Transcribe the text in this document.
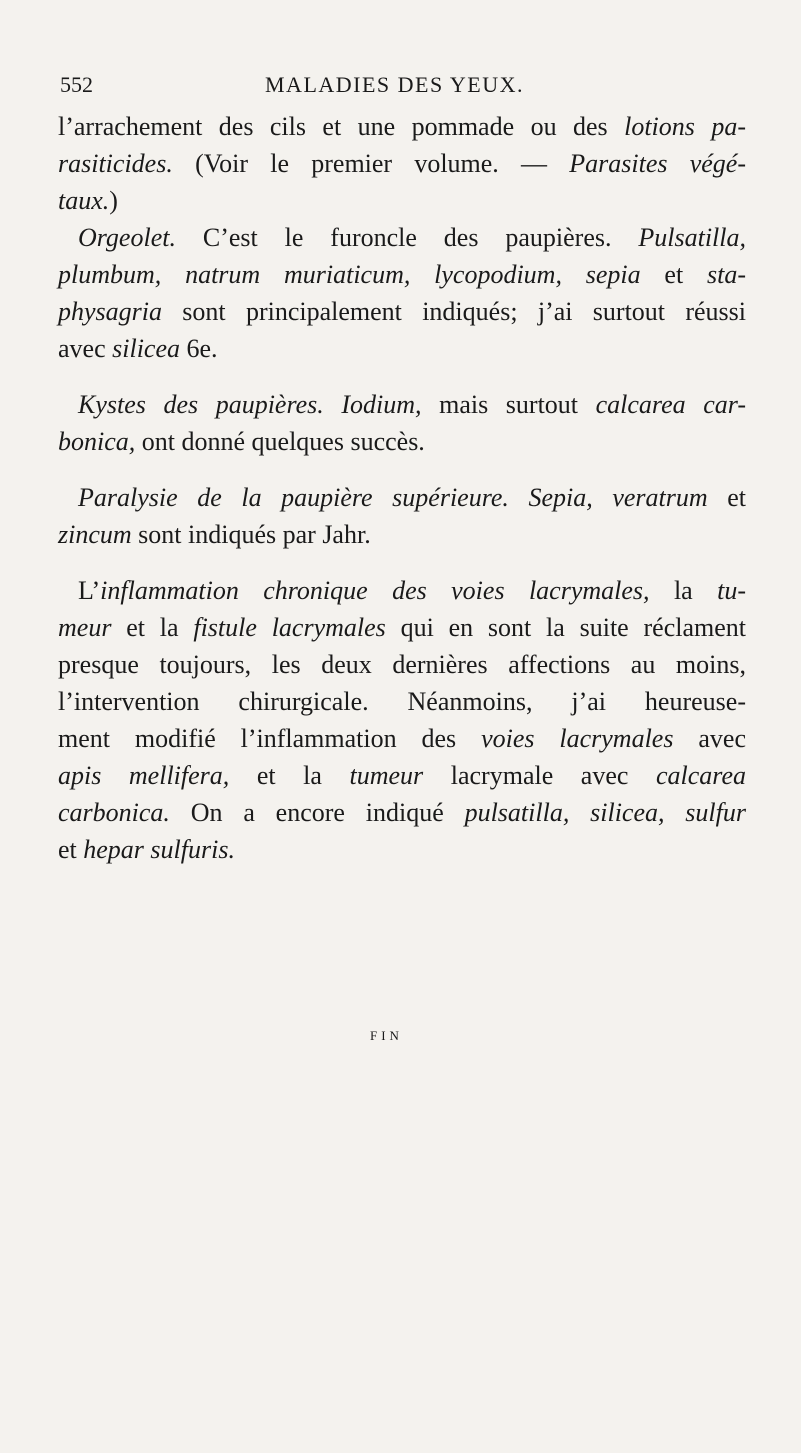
552	MALADIES DES YEUX.
l’arrachement des cils et une pommade ou des lotions pa-
rasiticides. (Voir le premier volume. — Parasites végé-
taux.)
Orgeolet. C’est le furoncle des paupières. Pulsatilla,
plumbum, natrum muriaticum, lycopodium, sepia et sta-
physagria sont principalement indiqués; j’ai surtout réussi
avec silicea 6e.
Kystes des paupières. Iodium, mais surtout calcarea car-
bonica, ont donné quelques succès.
Paralysie de la paupière supérieure. Sepia, veratrum et
zincum sont indiqués par Jahr.
L’inflammation chronique des voies lacrymales, la tu-
meur et la fistule lacrymales qui en sont la suite réclament
presque toujours, les deux dernières affections au moins,
l’intervention chirurgicale. Néanmoins, j’ai heureuse-
ment modifié l’inflammation des voies lacrymales avec
apis mellifera, et la tumeur lacrymale avec calcarea
carbonica. On a encore indiqué pulsatilla, silicea, sulfur
et hepar sulfuris.
FIN
